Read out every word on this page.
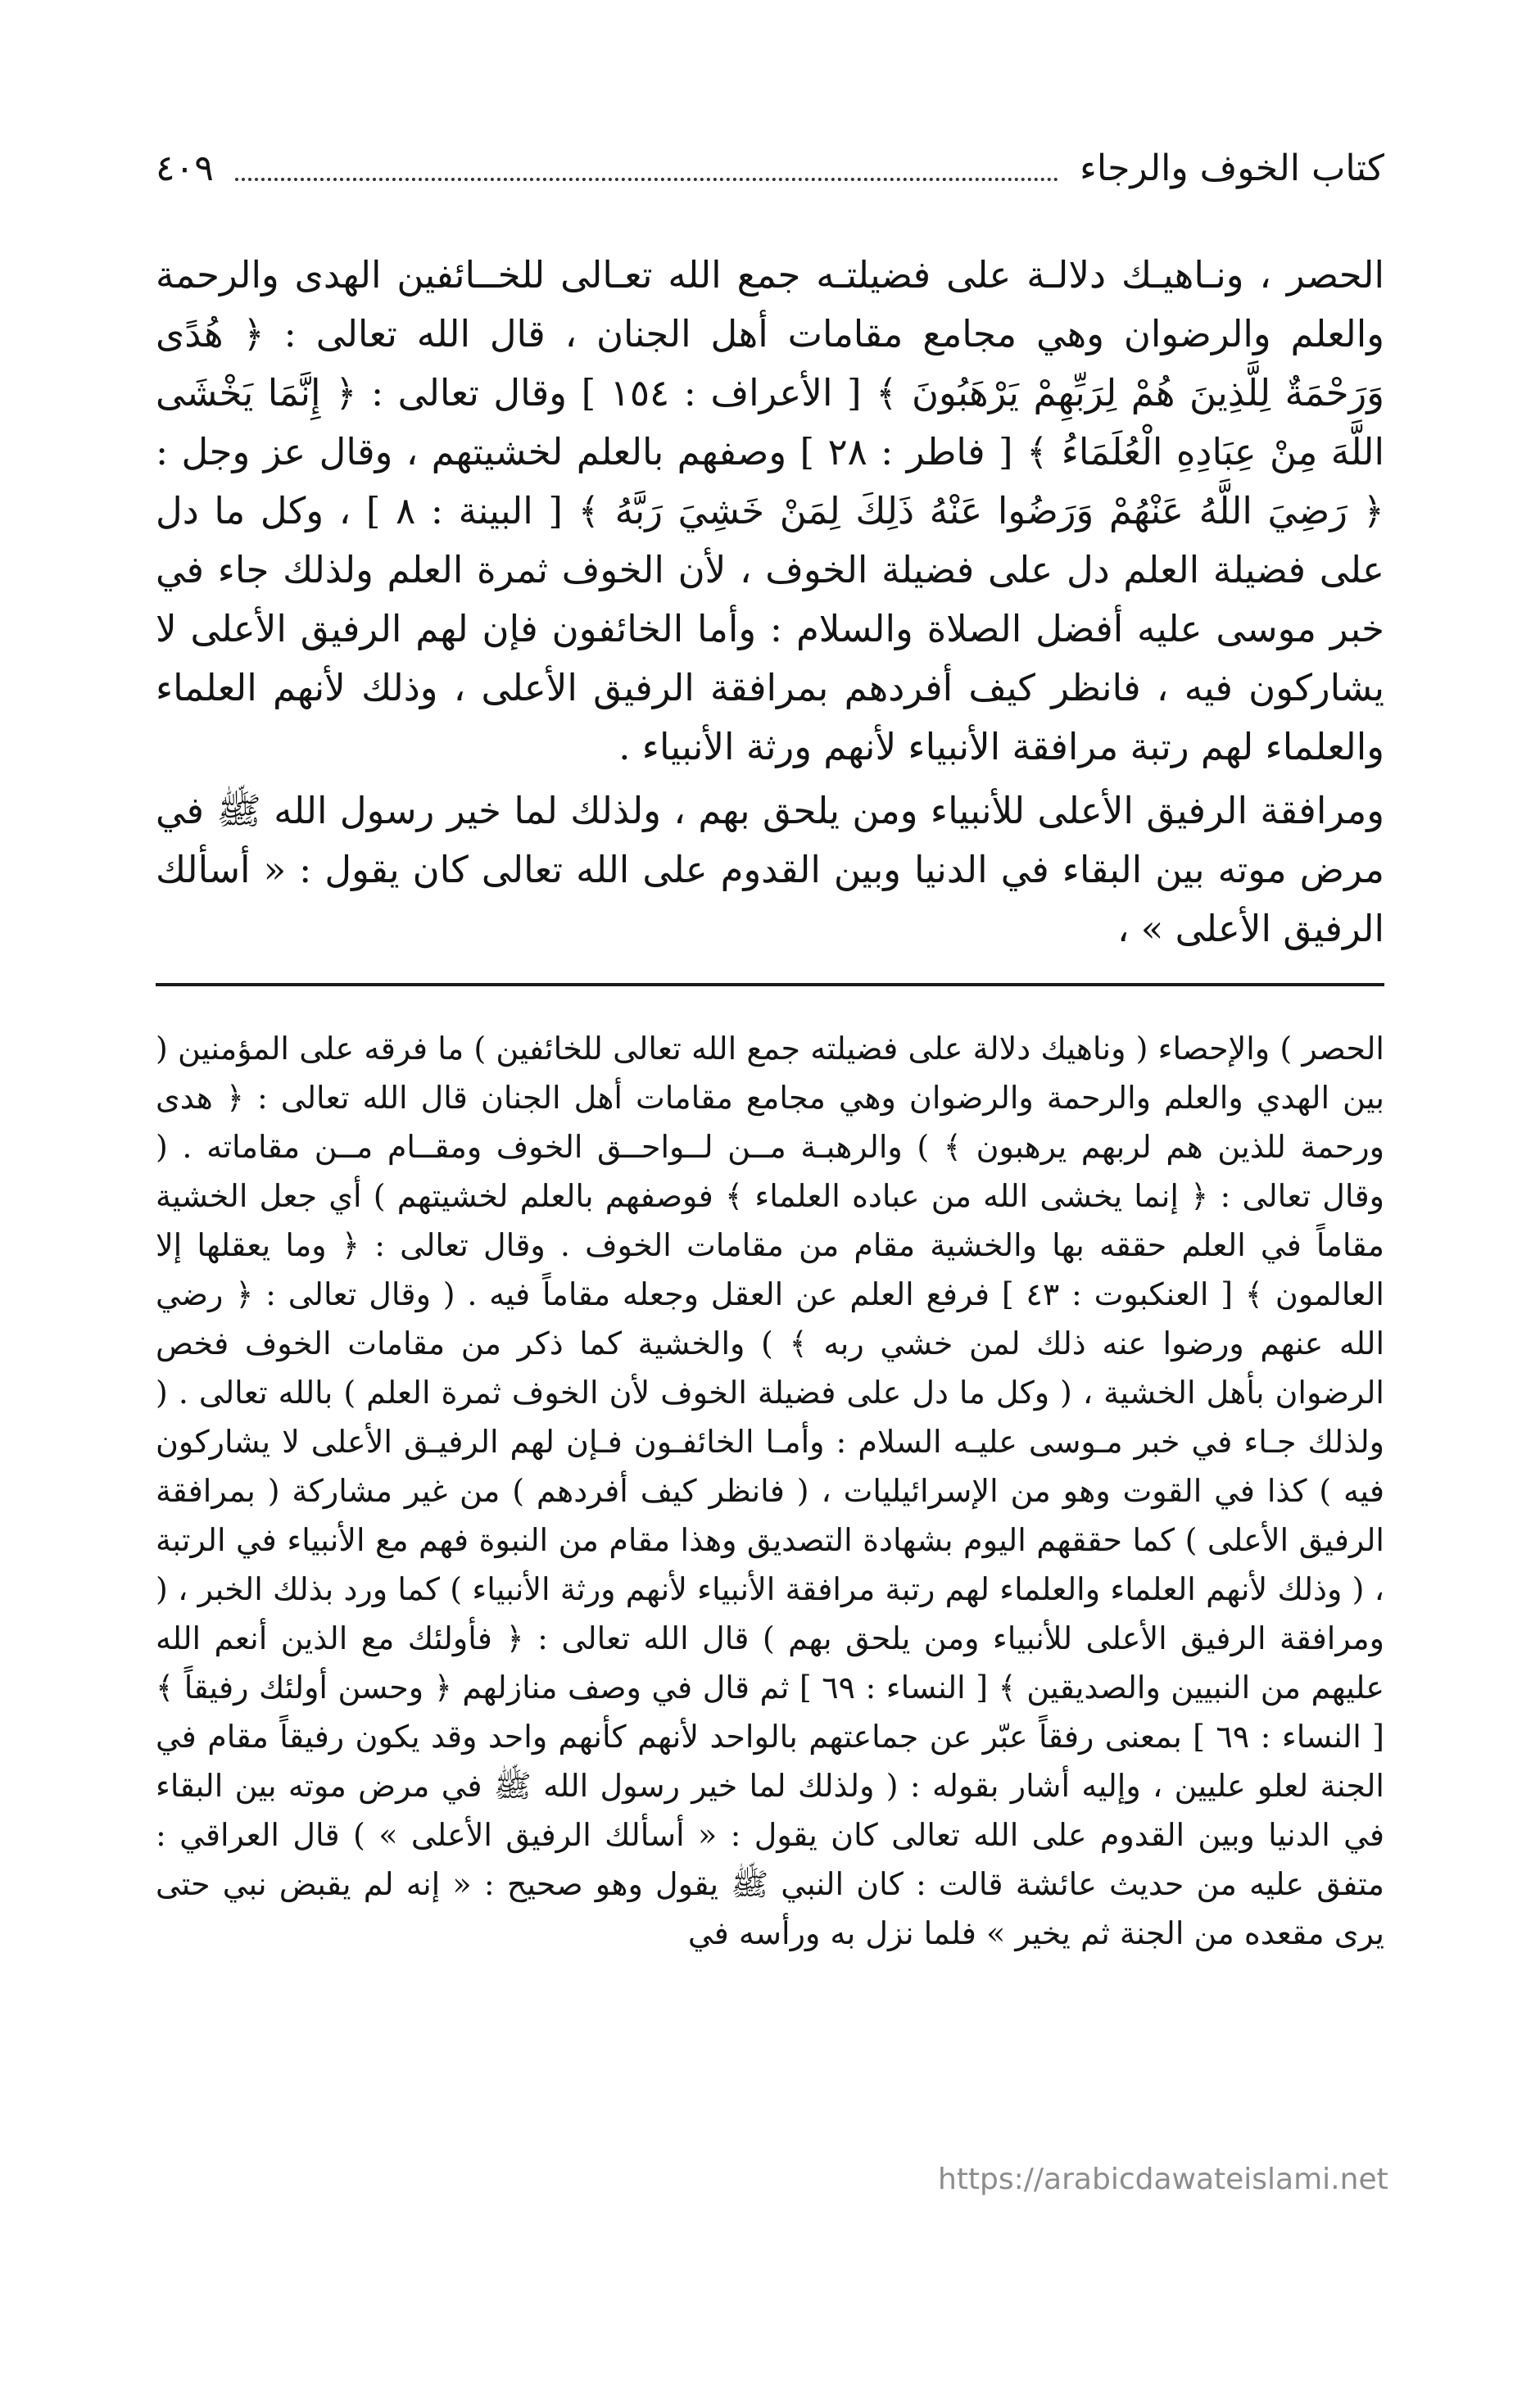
كتاب الخوف والرجاء
٤٠٩

الحصر ، ونـاهيـك دلالـة على فضيلتـه جمع الله تعـالى للخــائفين الهدى والرحمة والعلم والرضوان وهي مجامع مقامات أهل الجنان ، قال الله تعالى : ﴿ هُدًى وَرَحْمَةٌ لِلَّذِينَ هُمْ لِرَبِّهِمْ يَرْهَبُونَ ﴾ [ الأعراف : ١٥٤ ] وقال تعالى : ﴿ إِنَّمَا يَخْشَى اللَّهَ مِنْ عِبَادِهِ الْعُلَمَاءُ ﴾ [ فاطر : ٢٨ ] وصفهم بالعلم لخشيتهم ، وقال عز وجل : ﴿ رَضِيَ اللَّهُ عَنْهُمْ وَرَضُوا عَنْهُ ذَلِكَ لِمَنْ خَشِيَ رَبَّهُ ﴾ [ البينة : ٨ ] ، وكل ما دل على فضيلة العلم دل على فضيلة الخوف ، لأن الخوف ثمرة العلم ولذلك جاء في خبر موسى عليه أفضل الصلاة والسلام : وأما الخائفون فإن لهم الرفيق الأعلى لا يشاركون فيه ، فانظر كيف أفردهم بمرافقة الرفيق الأعلى ، وذلك لأنهم العلماء والعلماء لهم رتبة مرافقة الأنبياء لأنهم ورثة الأنبياء .

ومرافقة الرفيق الأعلى للأنبياء ومن يلحق بهم ، ولذلك لما خير رسول الله ﷺ في مرض موته بين البقاء في الدنيا وبين القدوم على الله تعالى كان يقول : « أسألك الرفيق الأعلى » ،

الحصر ) والإحصاء ( وناهيك دلالة على فضيلته جمع الله تعالى للخائفين ) ما فرقه على المؤمنين ( بين الهدي والعلم والرحمة والرضوان وهي مجامع مقامات أهل الجنان قال الله تعالى : ﴿ هدى ورحمة للذين هم لربهم يرهبون ﴾ ) والرهبـة مــن لــواحــق الخوف ومقــام مــن مقاماته . ( وقال تعالى : ﴿ إنما يخشى الله من عباده العلماء ﴾ فوصفهم بالعلم لخشيتهم ) أي جعل الخشية مقاماً في العلم حققه بها والخشية مقام من مقامات الخوف . وقال تعالى : ﴿ وما يعقلها إلا العالمون ﴾ [ العنكبوت : ٤٣ ] فرفع العلم عن العقل وجعله مقاماً فيه . ( وقال تعالى : ﴿ رضي الله عنهم ورضوا عنه ذلك لمن خشي ربه ﴾ ) والخشية كما ذكر من مقامات الخوف فخص الرضوان بأهل الخشية ، ( وكل ما دل على فضيلة الخوف لأن الخوف ثمرة العلم ) بالله تعالى . ( ولذلك جـاء في خبر مـوسى عليـه السلام : وأمـا الخائفـون فـإن لهم الرفيـق الأعلى لا يشاركون فيه ) كذا في القوت وهو من الإسرائيليات ، ( فانظر كيف أفردهم ) من غير مشاركة ( بمرافقة الرفيق الأعلى ) كما حققهم اليوم بشهادة التصديق وهذا مقام من النبوة فهم مع الأنبياء في الرتبة ، ( وذلك لأنهم العلماء والعلماء لهم رتبة مرافقة الأنبياء لأنهم ورثة الأنبياء ) كما ورد بذلك الخبر ، ( ومرافقة الرفيق الأعلى للأنبياء ومن يلحق بهم ) قال الله تعالى : ﴿ فأولئك مع الذين أنعم الله عليهم من النبيين والصديقين ﴾ [ النساء : ٦٩ ] ثم قال في وصف منازلهم ﴿ وحسن أولئك رفيقاً ﴾ [ النساء : ٦٩ ] بمعنى رفقاً عبّر عن جماعتهم بالواحد لأنهم كأنهم واحد وقد يكون رفيقاً مقام في الجنة لعلو عليين ، وإليه أشار بقوله : ( ولذلك لما خير رسول الله ﷺ في مرض موته بين البقاء في الدنيا وبين القدوم على الله تعالى كان يقول : « أسألك الرفيق الأعلى » ) قال العراقي : متفق عليه من حديث عائشة قالت : كان النبي ﷺ يقول وهو صحيح : « إنه لم يقبض نبي حتى يرى مقعده من الجنة ثم يخير » فلما نزل به ورأسه في

https://arabicdawateislami.net
